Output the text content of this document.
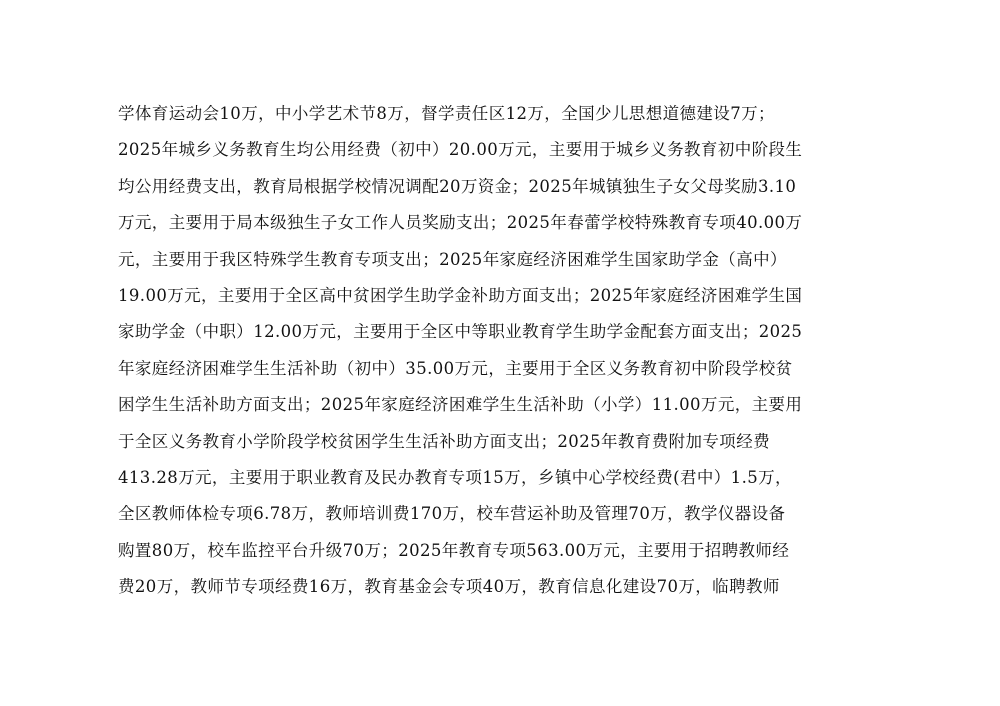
学体育运动会10万，中小学艺术节8万，督学责任区12万，全国少儿思想道德建设7万；
2025年城乡义务教育生均公用经费（初中）20.00万元，主要用于城乡义务教育初中阶段生
均公用经费支出，教育局根据学校情况调配20万资金；2025年城镇独生子女父母奖励3.10
万元，主要用于局本级独生子女工作人员奖励支出；2025年春蕾学校特殊教育专项40.00万
元，主要用于我区特殊学生教育专项支出；2025年家庭经济困难学生国家助学金（高中）
19.00万元，主要用于全区高中贫困学生助学金补助方面支出；2025年家庭经济困难学生国
家助学金（中职）12.00万元，主要用于全区中等职业教育学生助学金配套方面支出；2025
年家庭经济困难学生生活补助（初中）35.00万元，主要用于全区义务教育初中阶段学校贫
困学生生活补助方面支出；2025年家庭经济困难学生生活补助（小学）11.00万元，主要用
于全区义务教育小学阶段学校贫困学生生活补助方面支出；2025年教育费附加专项经费
413.28万元，主要用于职业教育及民办教育专项15万，乡镇中心学校经费(君中）1.5万，
全区教师体检专项6.78万，教师培训费170万，校车营运补助及管理70万，教学仪器设备
购置80万，校车监控平台升级70万；2025年教育专项563.00万元，主要用于招聘教师经
费20万，教师节专项经费16万，教育基金会专项40万，教育信息化建设70万，临聘教师
